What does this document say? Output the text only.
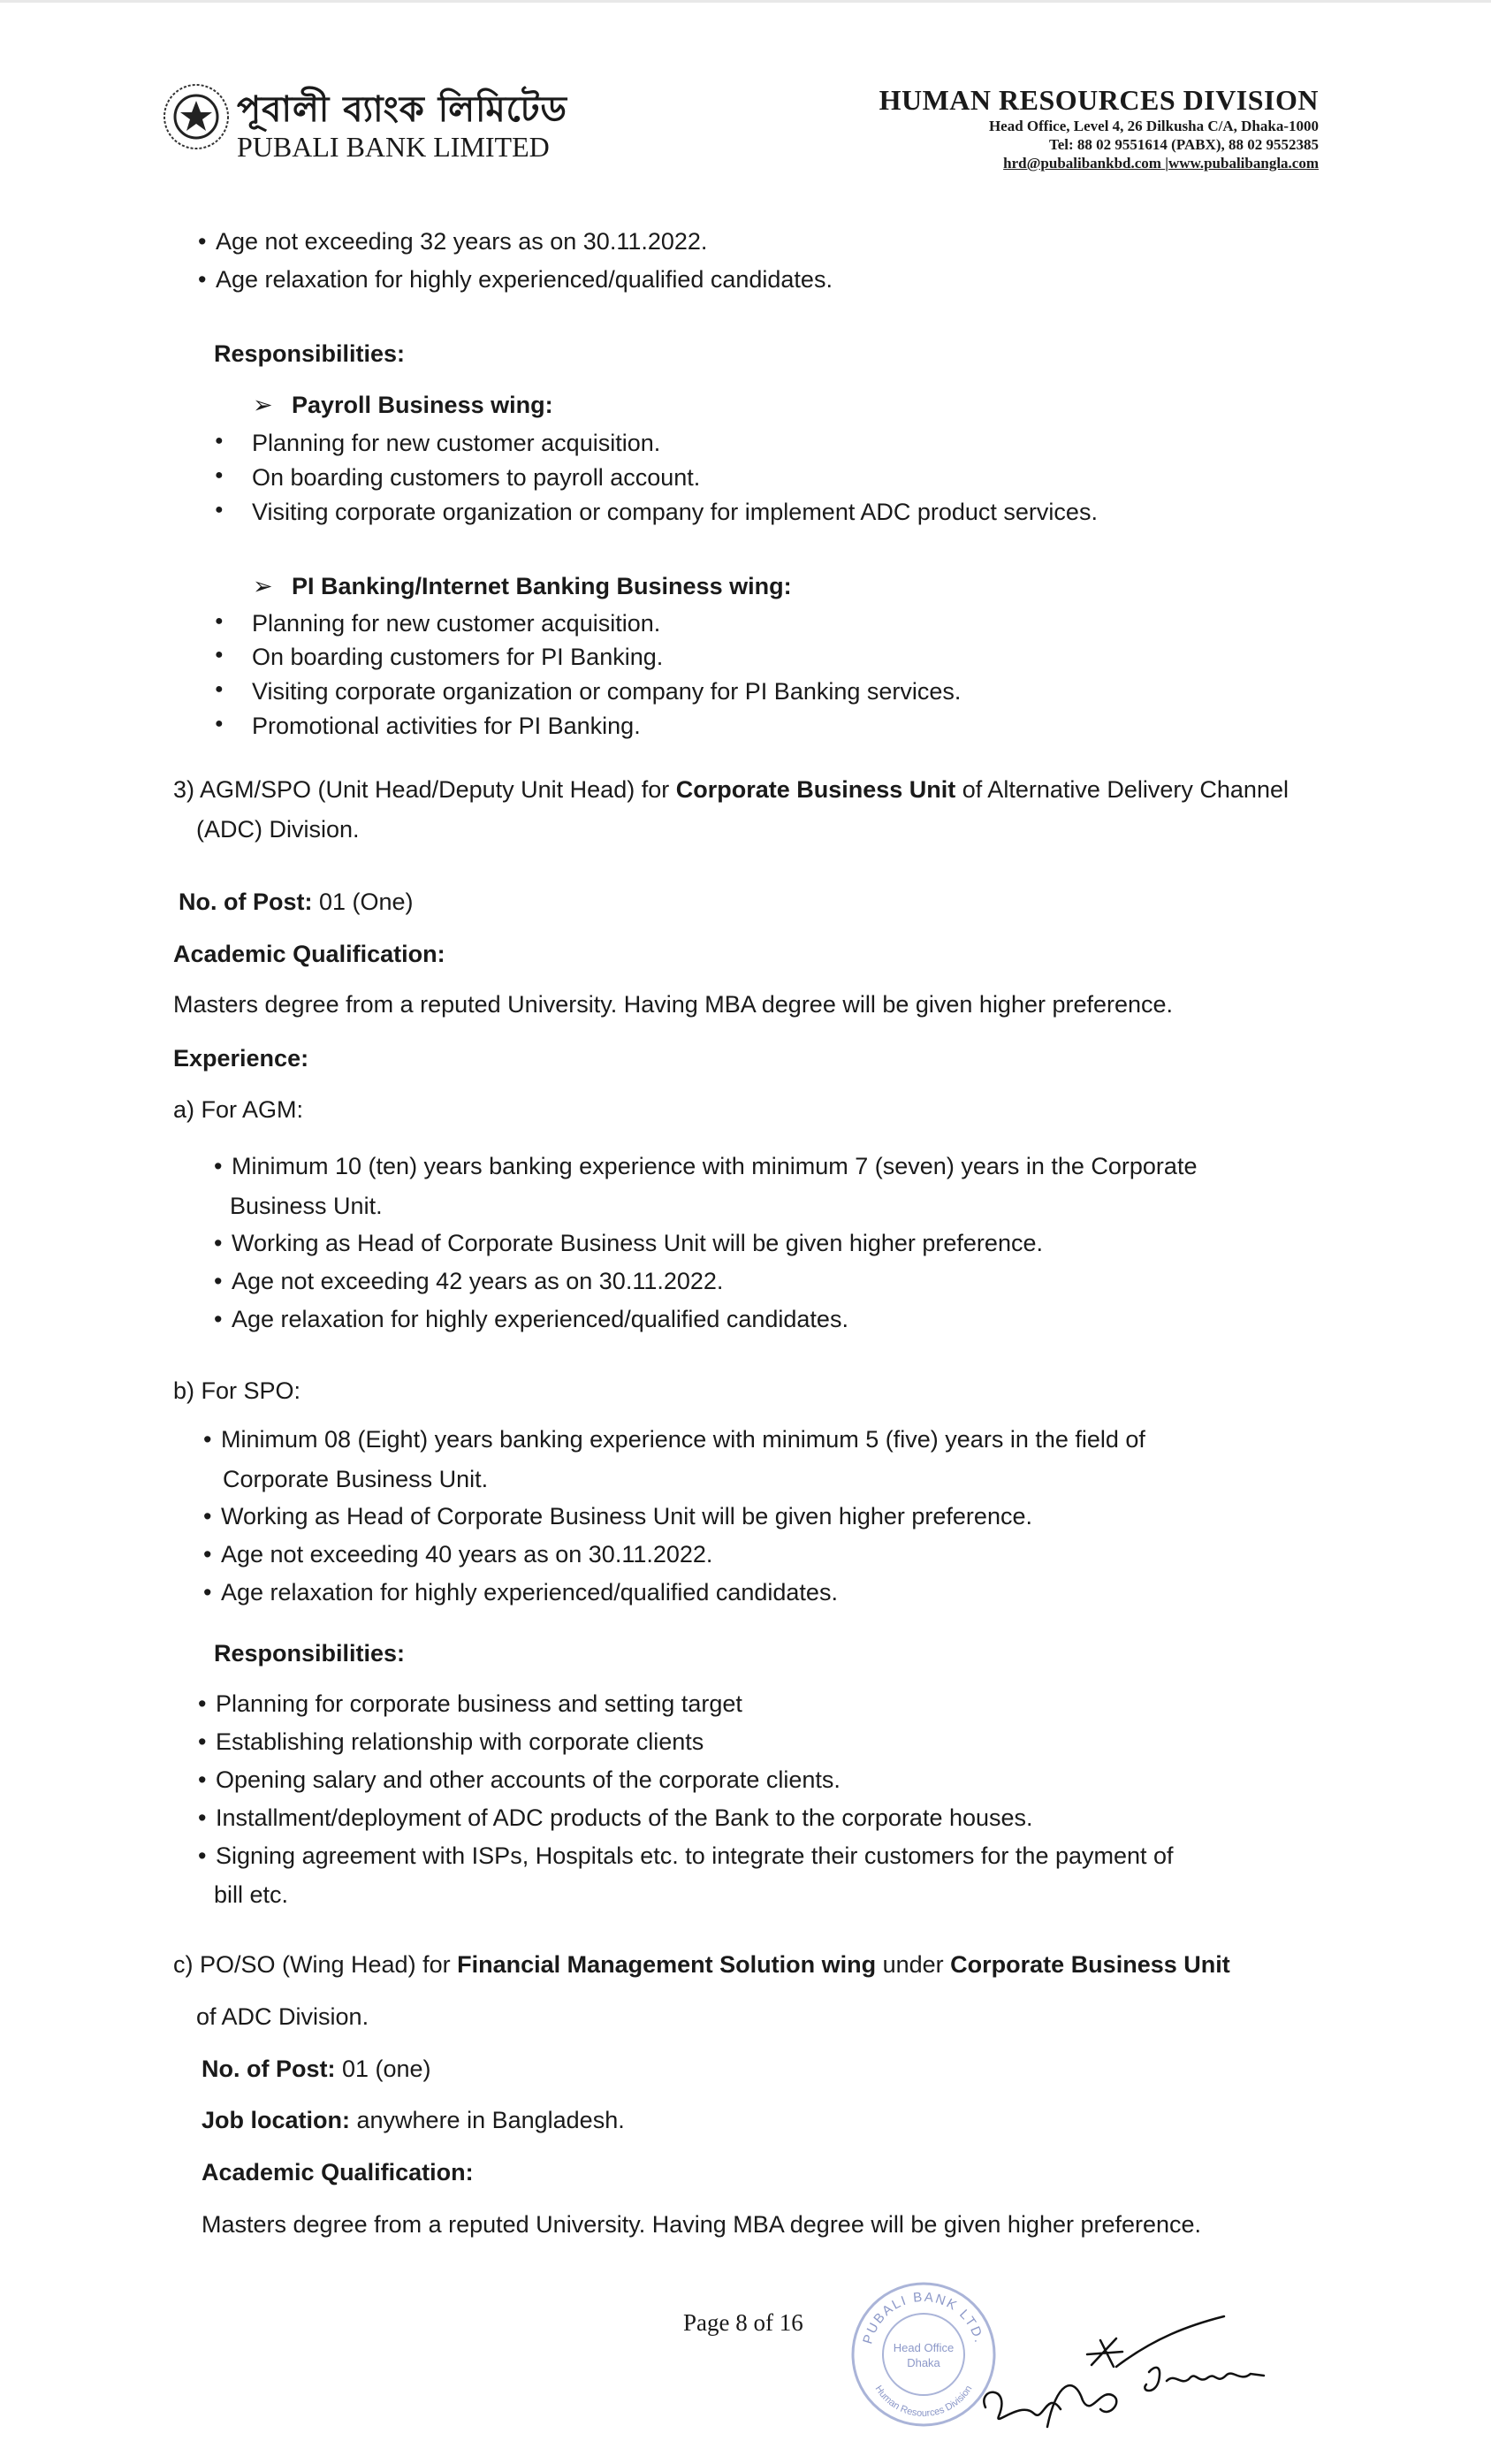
পূবালী ব্যাংক লিমিটেড
PUBALI BANK LIMITED
HUMAN RESOURCES DIVISION
Head Office, Level 4, 26 Dilkusha C/A, Dhaka-1000
Tel: 88 02 9551614 (PABX), 88 02 9552385
hrd@pubalibankbd.com |www.pubalibangla.com
• Age not exceeding 32 years as on 30.11.2022.
• Age relaxation for highly experienced/qualified candidates.
Responsibilities:
➢ Payroll Business wing:
● Planning for new customer acquisition.
● On boarding customers to payroll account.
● Visiting corporate organization or company for implement ADC product services.
➢ PI Banking/Internet Banking Business wing:
● Planning for new customer acquisition.
● On boarding customers for PI Banking.
● Visiting corporate organization or company for PI Banking services.
● Promotional activities for PI Banking.
3) AGM/SPO (Unit Head/Deputy Unit Head) for Corporate Business Unit of Alternative Delivery Channel
(ADC) Division.
No. of Post: 01 (One)
Academic Qualification:
Masters degree from a reputed University. Having MBA degree will be given higher preference.
Experience:
a) For AGM:
• Minimum 10 (ten) years banking experience with minimum 7 (seven) years in the Corporate
Business Unit.
• Working as Head of Corporate Business Unit will be given higher preference.
• Age not exceeding 42 years as on 30.11.2022.
• Age relaxation for highly experienced/qualified candidates.
b) For SPO:
• Minimum 08 (Eight) years banking experience with minimum 5 (five) years in the field of
Corporate Business Unit.
• Working as Head of Corporate Business Unit will be given higher preference.
• Age not exceeding 40 years as on 30.11.2022.
• Age relaxation for highly experienced/qualified candidates.
Responsibilities:
• Planning for corporate business and setting target
• Establishing relationship with corporate clients
• Opening salary and other accounts of the corporate clients.
• Installment/deployment of ADC products of the Bank to the corporate houses.
• Signing agreement with ISPs, Hospitals etc. to integrate their customers for the payment of
bill etc.
c) PO/SO (Wing Head) for Financial Management Solution wing under Corporate Business Unit
of ADC Division.
No. of Post: 01 (one)
Job location: anywhere in Bangladesh.
Academic Qualification:
Masters degree from a reputed University. Having MBA degree will be given higher preference.
Page 8 of 16
PUBALI BANK LTD.
Human Resources Division
Head Office
Dhaka
